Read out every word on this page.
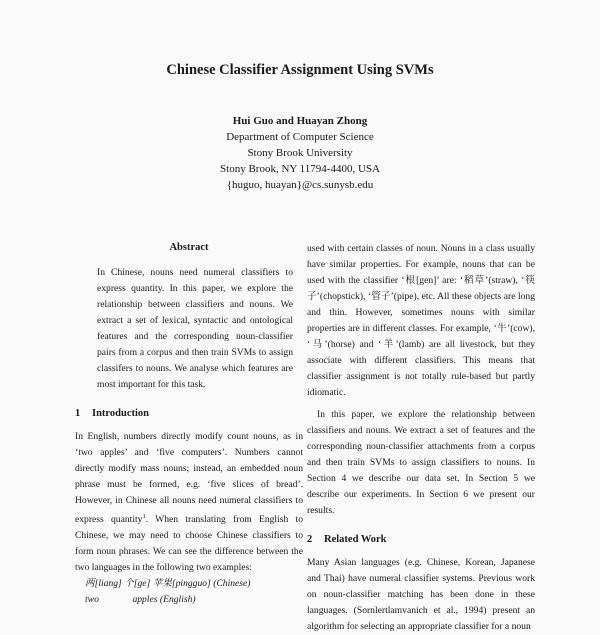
Chinese Classifier Assignment Using SVMs
Hui Guo and Huayan Zhong
Department of Computer Science
Stony Brook University
Stony Brook, NY 11794-4400, USA
{huguo, huayan}@cs.sunysb.edu
Abstract

In Chinese, nouns need numeral classifiers to express quantity. In this paper, we explore the relationship between classifiers and nouns. We extract a set of lexical, syntactic and ontological features and the corresponding noun-classifier pairs from a corpus and then train SVMs to assign classifers to nouns. We analyse which features are most important for this task.

1 Introduction

In English, numbers directly modify count nouns, as in ‘two apples’ and ‘five computers’. Numbers cannot directly modify mass nouns; instead, an embedded noun phrase must be formed, e.g. ‘five slices of bread’. However, in Chinese all nouns need numeral classifiers to express quantity$^1$. When translating from English to Chinese, we may need to choose Chinese classifiers to form noun phrases. We can see the difference between the two languages in the following two examples:

两[liang] 个[ge] 苹果[pingguo] (Chinese)
two              apples (English)

used with certain classes of noun. Nouns in a class usually have similar properties. For example, nouns that can be used with the classifier ‘根[gen]’ are: ‘稻草’(straw), ‘筷子’(chopstick), ‘管子’(pipe), etc. All these objects are long and thin. However, sometimes nouns with similar properties are in different classes. For example, ‘牛’(cow), ‘马’(horse) and ‘羊’(lamb) are all livestock, but they associate with different classifiers. This means that classifier assignment is not totally rule-based but partly idiomatic.

In this paper, we explore the relationship between classifiers and nouns. We extract a set of features and the corresponding noun-classifier attachments from a corpus and then train SVMs to assign classifiers to nouns. In Section 4 we describe our data set. In Section 5 we describe our experiments. In Section 6 we present our results.

2 Related Work

Many Asian languages (e.g. Chinese, Korean, Japanese and Thai) have numeral classifier systems. Previous work on noun-classifier matching has been done in these languages. (Sornlertlamvanich et al., 1994) present an algorithm for selecting an appropriate classifier for a noun
